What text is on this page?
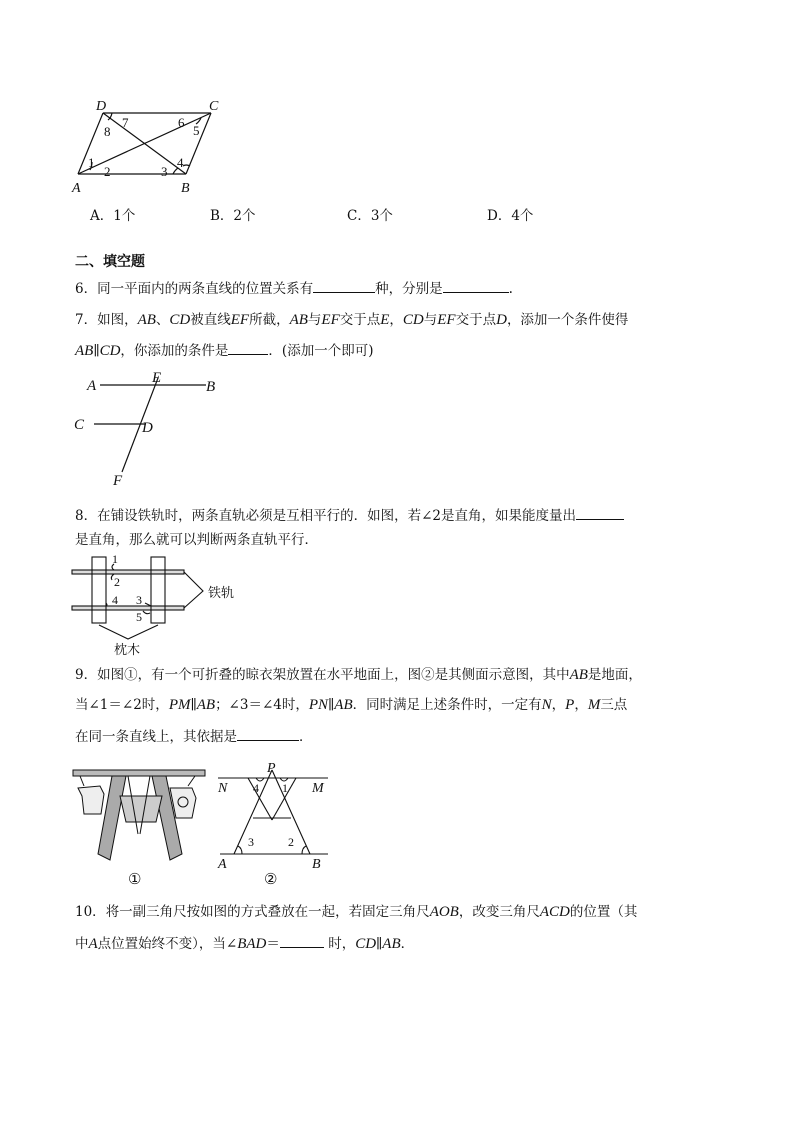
D	C
A	B
1
2	3
4
5
6
7
8
A．1个	B．2个	C．3个	D．4个
二、填空题
6．同一平面内的两条直线的位置关系有	种，分别是	.
7．如图，AB、CD被直线EF所截，AB与EF交于点E，CD与EF交于点D，添加一个条件使得
AB∥CD，你添加的条件是	．(添加一个即可)
A	E
B
C	D
F
8．在铺设铁轨时，两条直轨必须是互相平行的．如图，若∠2是直角，如果能度量出
是直角，那么就可以判断两条直轨平行．
1
2
4 3
5
铁轨
枕木
9．如图①，有一个可折叠的晾衣架放置在水平地面上，图②是其侧面示意图，其中AB是地面，
当∠1＝∠2时，PM∥AB；∠3＝∠4时，PN∥AB．同时满足上述条件时，一定有N，P，M三点
在同一条直线上，其依据是	．
①
P
N	M
A	B
4 1
3	2
②
10．将一副三角尺按如图的方式叠放在一起，若固定三角尺AOB，改变三角尺ACD的位置（其
中A点位置始终不变），当∠BAD＝	时，CD∥AB．
